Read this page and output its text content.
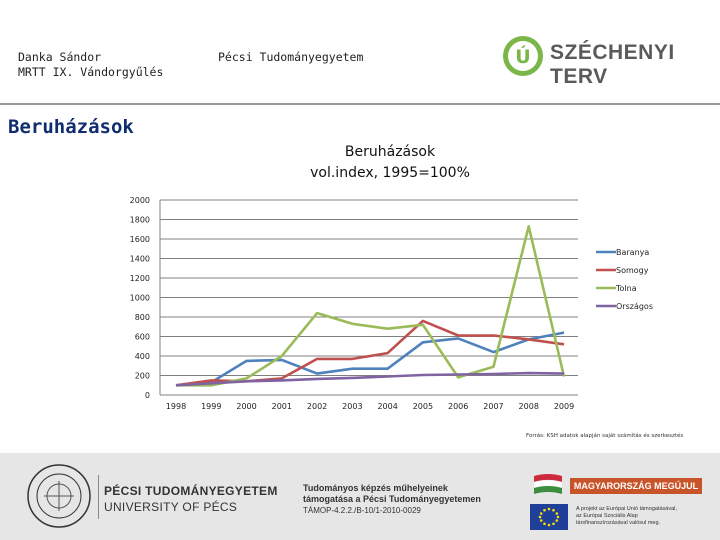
Danka Sándor
MRTT IX. Vándorgyűlés
Pécsi Tudományegyetem	Ú SZÉCHENYI TERV
Beruházások
Beruházások
vol.index, 1995=100%
0
200
400
600
800
1000
1200
1400
1600
1800
2000
1998 1999 2000 2001 2002 2003 2004 2005 2006 2007 2008 2009
Baranya
Somogy
Tolna
Országos
Forrás: KSH adatok alapján saját számítás és szerkesztés
PÉCSI TUDOMÁNYEGYETEM
UNIVERSITY OF PÉCS
Tudományos képzés műhelyeinek
támogatása a Pécsi Tudományegyetemen
TÁMOP-4.2.2./B-10/1-2010-0029
MAGYARORSZÁG MEGÚJUL
A projekt az Európai Unió támogatásával,
az Európai Szociális Alap
társfinanszírozásával valósul meg.
